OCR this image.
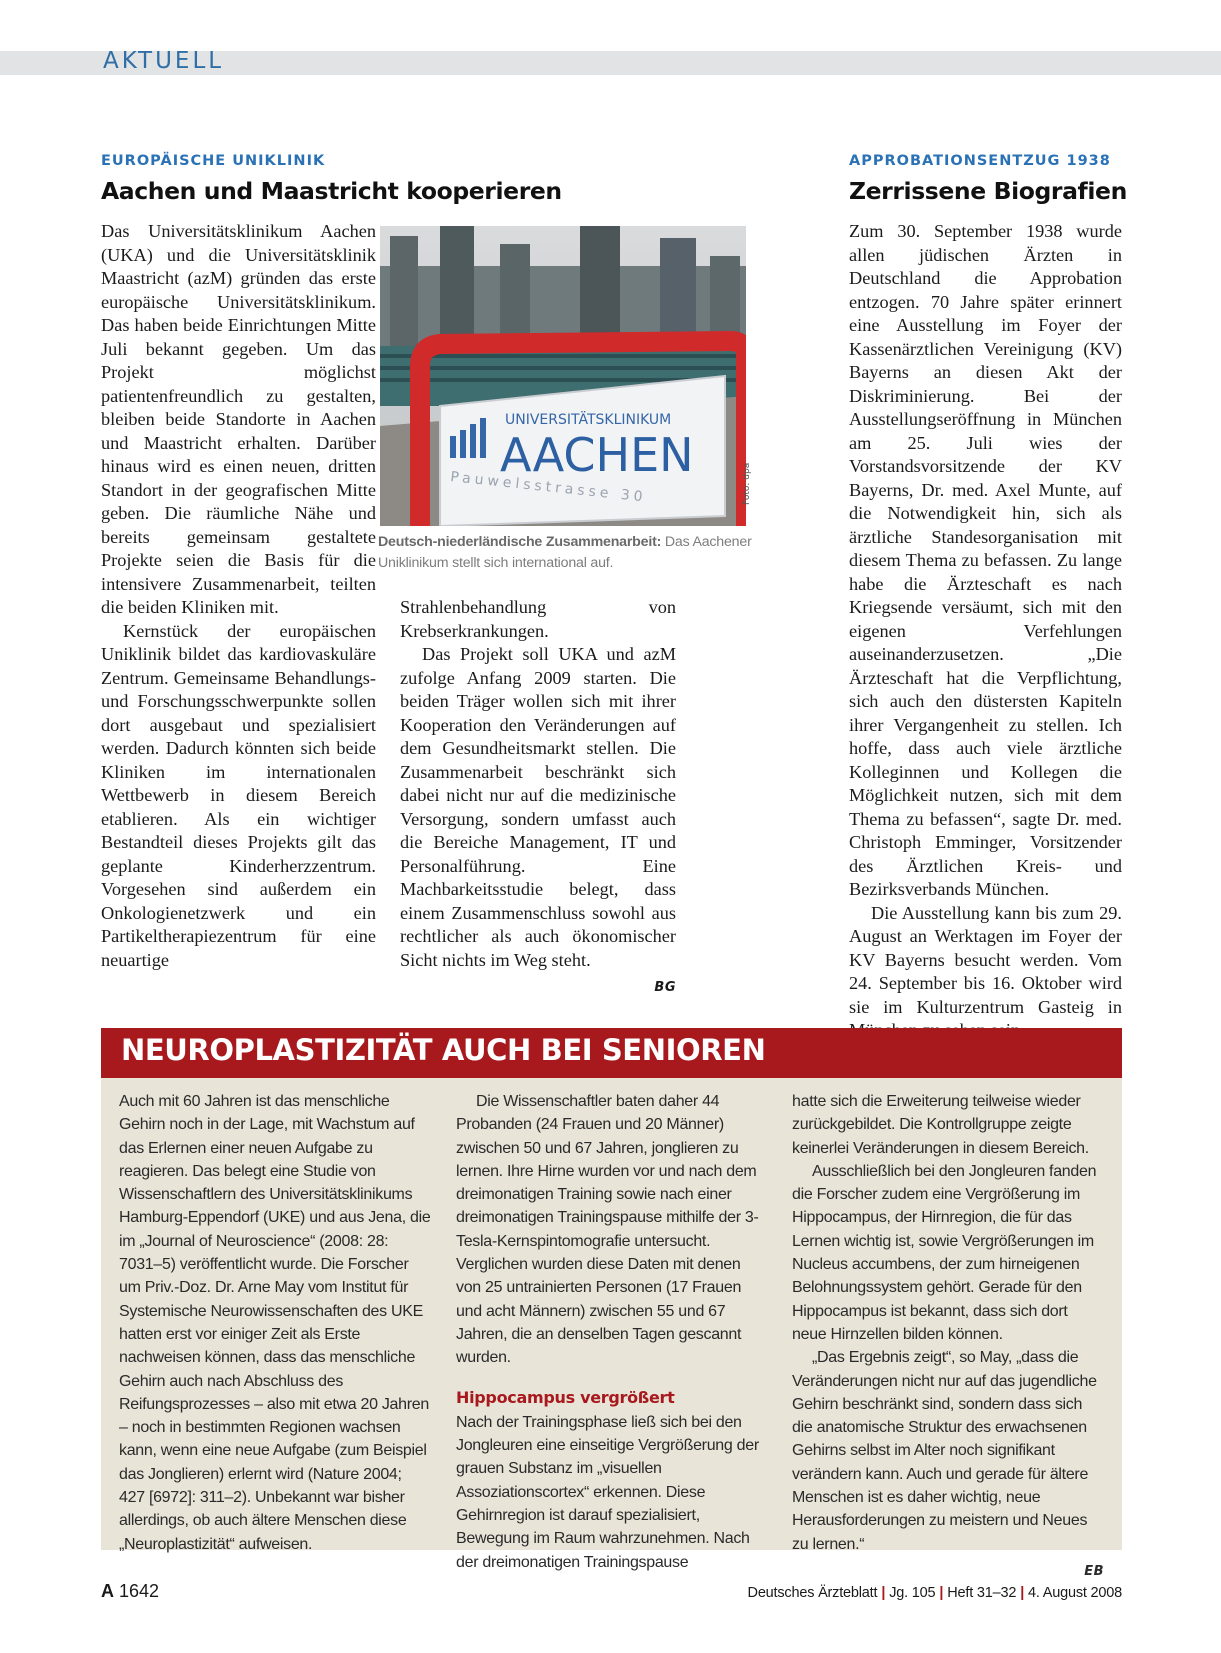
AKTUELL
EUROPÄISCHE UNIKLINIK
Aachen und Maastricht kooperieren

Das Universitätsklinikum Aachen (UKA) und die Universitätsklinik Maastricht (azM) gründen das erste europäische Universitätsklinikum. Das haben beide Einrichtungen Mitte Juli bekannt gegeben. Um das Projekt möglichst patientenfreundlich zu gestalten, bleiben beide Standorte in Aachen und Maastricht erhalten. Darüber hinaus wird es einen neuen, dritten Standort in der geografischen Mitte geben. Die räumliche Nähe und bereits gemeinsam gestaltete Projekte seien die Basis für die intensivere Zusammenarbeit, teilten die beiden Kliniken mit.

Kernstück der europäischen Uniklinik bildet das kardiovaskuläre Zentrum. Gemeinsame Behandlungs- und Forschungsschwerpunkte sollen dort ausgebaut und spezialisiert werden. Dadurch könnten sich beide Kliniken im internationalen Wettbewerb in diesem Bereich etablieren. Als ein wichtiger Bestandteil dieses Projekts gilt das geplante Kinderherzzentrum. Vorgesehen sind außerdem ein Onkologienetzwerk und ein Partikeltherapiezentrum für eine neuartige

Strahlenbehandlung von Krebserkrankungen.

Das Projekt soll UKA und azM zufolge Anfang 2009 starten. Die beiden Träger wollen sich mit ihrer Kooperation den Veränderungen auf dem Gesundheitsmarkt stellen. Die Zusammenarbeit beschränkt sich dabei nicht nur auf die medizinische Versorgung, sondern umfasst auch die Bereiche Management, IT und Personalführung. Eine Machbarkeitsstudie belegt, dass einem Zusammenschluss sowohl aus rechtlicher als auch ökonomischer Sicht nichts im Weg steht.

BG
UNIVERSITÄTSKLINIKUM
AACHEN
Pauwelsstrasse 30	Foto: dpa
Deutsch-niederländische Zusammenarbeit: Das Aachener Uniklinikum stellt sich international auf.
APPROBATIONSENTZUG 1938
Zerrissene Biografien

Zum 30. September 1938 wurde allen jüdischen Ärzten in Deutschland die Approbation entzogen. 70 Jahre später erinnert eine Ausstellung im Foyer der Kassenärztlichen Vereinigung (KV) Bayerns an diesen Akt der Diskriminierung. Bei der Ausstellungseröffnung in München am 25. Juli wies der Vorstandsvorsitzende der KV Bayerns, Dr. med. Axel Munte, auf die Notwendigkeit hin, sich als ärztliche Standesorganisation mit diesem Thema zu befassen. Zu lange habe die Ärzteschaft es nach Kriegsende versäumt, sich mit den eigenen Verfehlungen auseinanderzusetzen. „Die Ärzteschaft hat die Verpflichtung, sich auch den düstersten Kapiteln ihrer Vergangenheit zu stellen. Ich hoffe, dass auch viele ärztliche Kolleginnen und Kollegen die Möglichkeit nutzen, sich mit dem Thema zu befassen“, sagte Dr. med. Christoph Emminger, Vorsitzender des Ärztlichen Kreis- und Bezirksverbands München.

Die Ausstellung kann bis zum 29. August an Werktagen im Foyer der KV Bayerns besucht werden. Vom 24. September bis 16. Oktober wird sie im Kulturzentrum Gasteig in

NEUROPLASTIZITÄT AUCH BEI SENIOREN

Auch mit 60 Jahren ist das menschliche Gehirn noch in der Lage, mit Wachstum auf das Erlernen einer neuen Aufgabe zu reagieren. Das belegt eine Studie von Wissenschaftlern des Universitätsklinikums Hamburg-Eppendorf (UKE) und aus Jena, die im „Journal of Neuroscience“ (2008: 28: 7031–5) veröffentlicht wurde. Die Forscher um Priv.-Doz. Dr. Arne May vom Institut für Systemische Neurowissenschaften des UKE hatten erst vor einiger Zeit als Erste nachweisen können, dass das menschliche Gehirn auch nach Abschluss des Reifungsprozesses – also mit etwa 20 Jahren – noch in bestimmten Regionen wachsen kann, wenn eine neue Aufgabe (zum Beispiel das Jonglieren) erlernt wird (Nature 2004; 427 [6972]: 311–2). Unbekannt war bisher allerdings, ob auch ältere Menschen diese „Neuroplastizität“ aufweisen.

Die Wissenschaftler baten daher 44 Probanden (24 Frauen und 20 Männer) zwischen 50 und 67 Jahren, jonglieren zu lernen. Ihre Hirne wurden vor und nach dem dreimonatigen Training sowie nach einer dreimonatigen Trainingspause mithilfe der 3-Tesla-Kernspintomografie untersucht. Verglichen wurden diese Daten mit denen von 25 untrainierten Personen (17 Frauen und acht Männern) zwischen 55 und 67 Jahren, die an denselben Tagen gescannt wurden.

Hippocampus vergrößert

Nach der Trainingsphase ließ sich bei den Jongleuren eine einseitige Vergrößerung der grauen Substanz im „visuellen Assoziationscortex“ erkennen. Diese Gehirnregion ist darauf spezialisiert, Bewegung im Raum wahrzunehmen. Nach der dreimonatigen Trainingspause

hatte sich die Erweiterung teilweise wieder zurückgebildet. Die Kontrollgruppe zeigte keinerlei Veränderungen in diesem Bereich.

Ausschließlich bei den Jongleuren fanden die Forscher zudem eine Vergrößerung im Hippocampus, der Hirnregion, die für das Lernen wichtig ist, sowie Vergrößerungen im Nucleus accumbens, der zum hirneigenen Belohnungssystem gehört. Gerade für den Hippocampus ist bekannt, dass sich dort neue Hirnzellen bilden können.

„Das Ergebnis zeigt“, so May, „dass die Veränderungen nicht nur auf das jugendliche Gehirn beschränkt sind, sondern dass sich die anatomische Struktur des erwachsenen Gehirns selbst im Alter noch signifikant verändern kann. Auch und gerade für ältere Menschen ist es daher wichtig, neue Herausforderungen zu meistern und Neues zu lernen.“

EB
A 1642	Deutsches Ärzteblatt | Jg. 105 | Heft 31–32 | 4. August 2008
